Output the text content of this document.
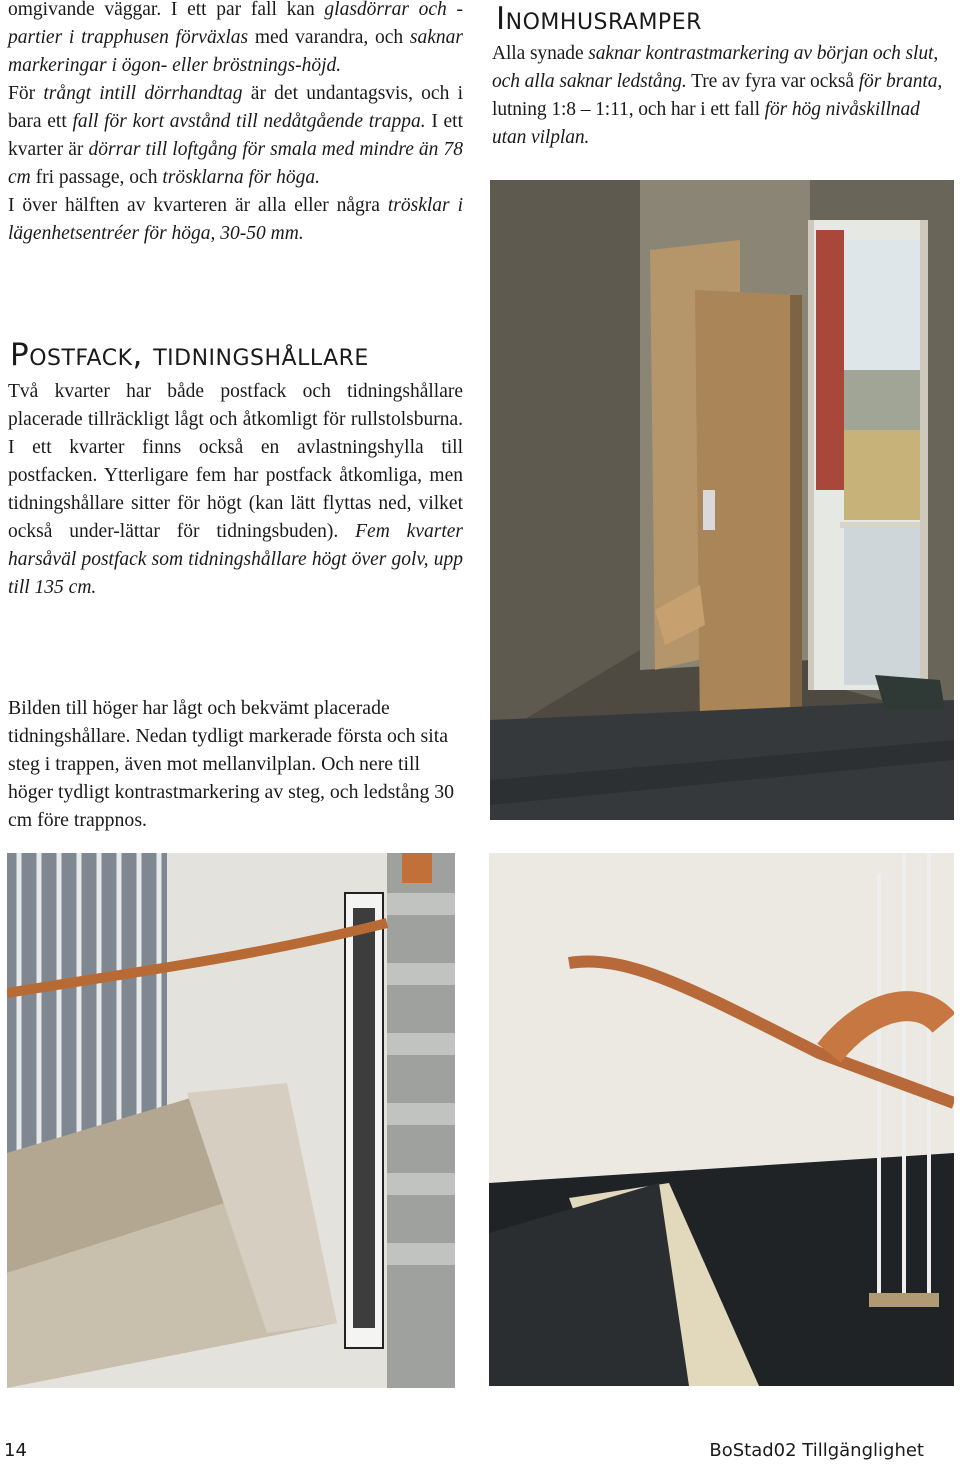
omgivande väggar. I ett par fall kan glasdörrar och -partier i trapphusen förväxlas med varandra, och saknar markeringar i ögon- eller bröstnings-höjd.

För trångt intill dörrhandtag är det undantagsvis, och i bara ett fall för kort avstånd till nedåtgående trappa. I ett kvarter är dörrar till loftgång för smala med mindre än 78 cm fri passage, och trösklarna för höga.

I över hälften av kvarteren är alla eller några trösklar i lägenhetsentréer för höga, 30-50 mm.

Postfack, tidningshållare

Två kvarter har både postfack och tidningshållare placerade tillräckligt lågt och åtkomligt för rullstolsburna. I ett kvarter finns också en avlastningshylla till postfacken. Ytterligare fem har postfack åtkomliga, men tidningshållare sitter för högt (kan lätt flyttas ned, vilket också under-lättar för tidningsbuden). Fem kvarter harsåväl postfack som tidningshållare högt över golv, upp till 135 cm.

Bilden till höger har lågt och bekvämt placerade tidningshållare. Nedan tydligt markerade första och sita steg i trappen, även mot mellanvilplan. Och nere till höger tydligt kontrastmarkering av steg, och ledstång 30 cm före trappnos.

Inomhusramper

Alla synade saknar kontrastmarkering av början och slut, och alla saknar ledstång. Tre av fyra var också för branta, lutning 1:8 – 1:11, och har i ett fall för hög nivåskillnad utan vilplan.

14	BoStad02 Tillgänglighet
